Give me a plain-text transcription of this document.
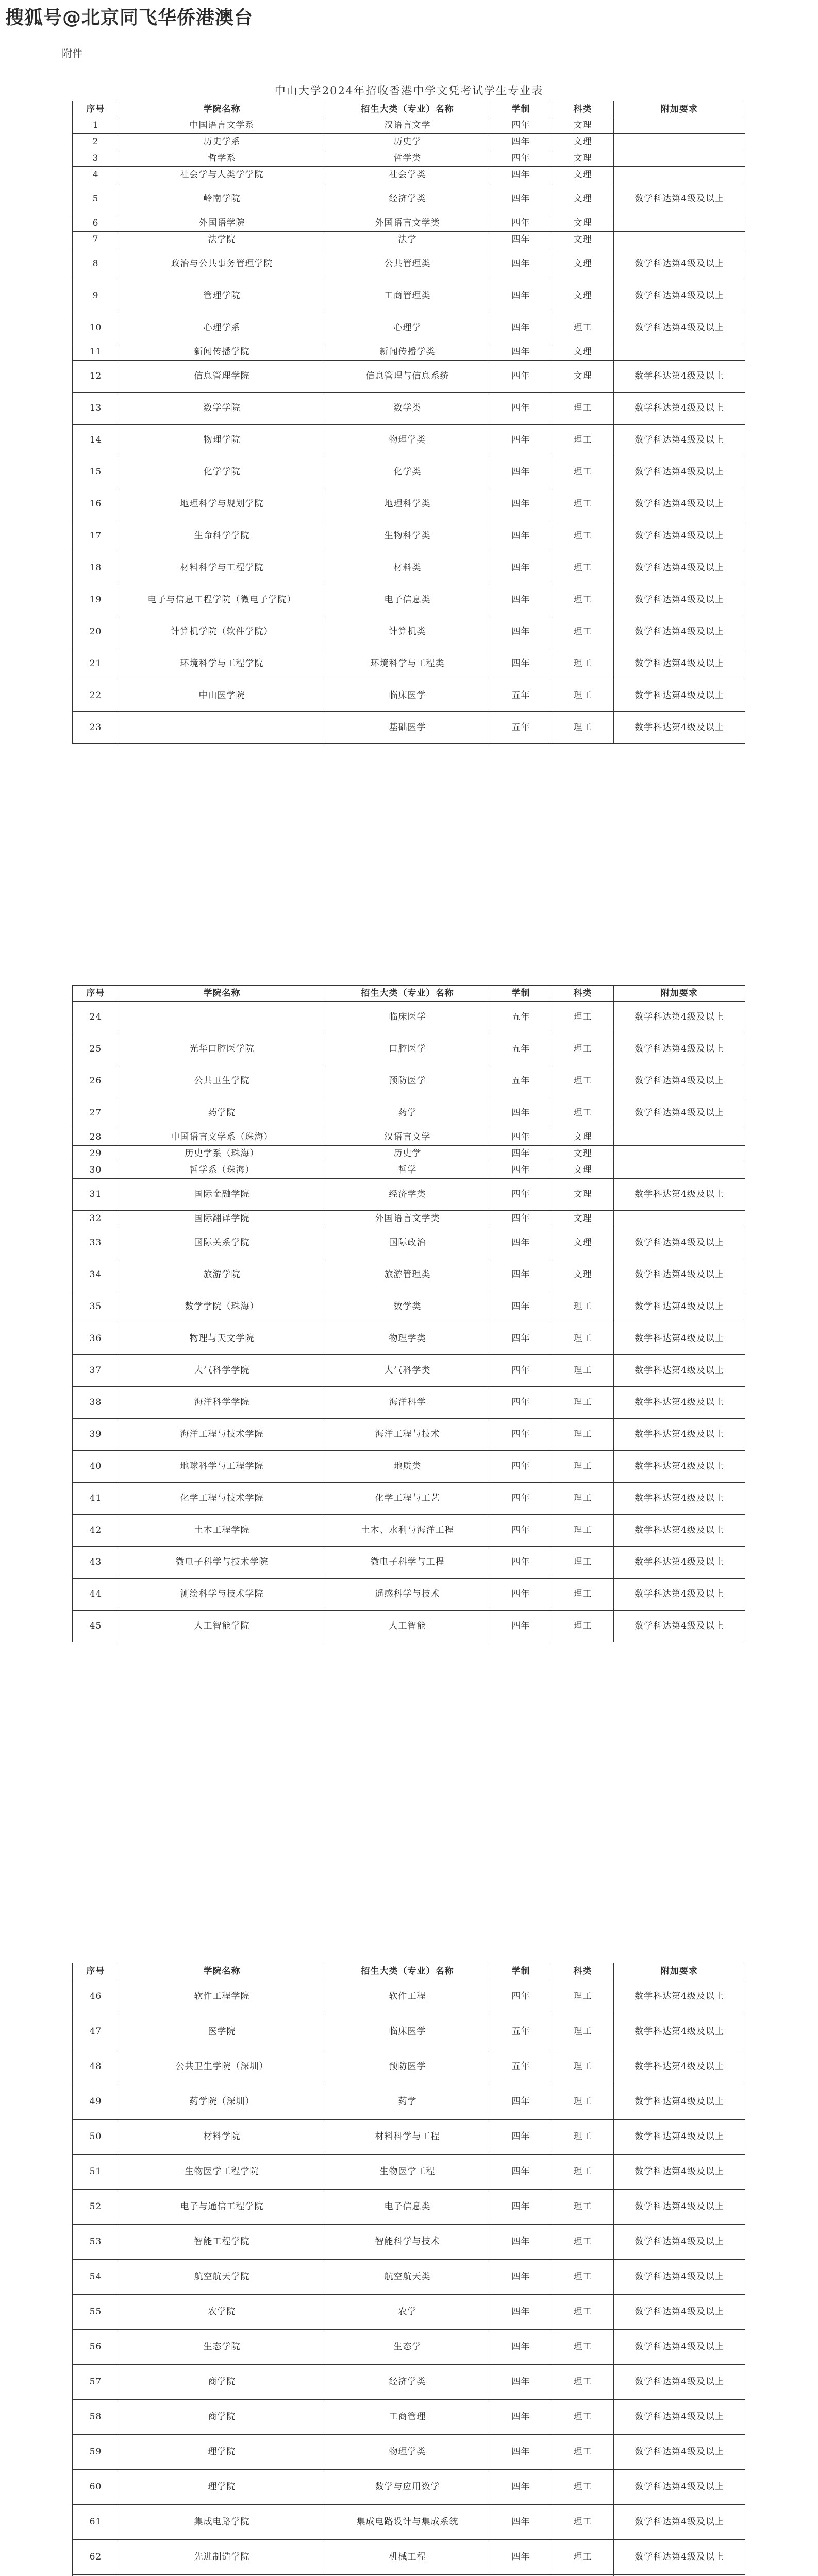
搜狐号@北京同飞华侨港澳台
附件
中山大学2024年招收香港中学文凭考试学生专业表
序号	学院名称	招生大类（专业）名称	学制	科类	附加要求
1	中国语言文学系	汉语言文学	四年	文理	
2	历史学系	历史学	四年	文理	
3	哲学系	哲学类	四年	文理	
4	社会学与人类学学院	社会学类	四年	文理	
5	岭南学院	经济学类	四年	文理	数学科达第4级及以上
6	外国语学院	外国语言文学类	四年	文理	
7	法学院	法学	四年	文理	
8	政治与公共事务管理学院	公共管理类	四年	文理	数学科达第4级及以上
9	管理学院	工商管理类	四年	文理	数学科达第4级及以上
10	心理学系	心理学	四年	理工	数学科达第4级及以上
11	新闻传播学院	新闻传播学类	四年	文理	
12	信息管理学院	信息管理与信息系统	四年	文理	数学科达第4级及以上
13	数学学院	数学类	四年	理工	数学科达第4级及以上
14	物理学院	物理学类	四年	理工	数学科达第4级及以上
15	化学学院	化学类	四年	理工	数学科达第4级及以上
16	地理科学与规划学院	地理科学类	四年	理工	数学科达第4级及以上
17	生命科学学院	生物科学类	四年	理工	数学科达第4级及以上
18	材料科学与工程学院	材料类	四年	理工	数学科达第4级及以上
19	电子与信息工程学院（微电子学院）	电子信息类	四年	理工	数学科达第4级及以上
20	计算机学院（软件学院）	计算机类	四年	理工	数学科达第4级及以上
21	环境科学与工程学院	环境科学与工程类	四年	理工	数学科达第4级及以上
22	中山医学院	临床医学	五年	理工	数学科达第4级及以上
23		基础医学	五年	理工	数学科达第4级及以上
序号	学院名称	招生大类（专业）名称	学制	科类	附加要求
24		临床医学	五年	理工	数学科达第4级及以上
25	光华口腔医学院	口腔医学	五年	理工	数学科达第4级及以上
26	公共卫生学院	预防医学	五年	理工	数学科达第4级及以上
27	药学院	药学	四年	理工	数学科达第4级及以上
28	中国语言文学系（珠海）	汉语言文学	四年	文理	
29	历史学系（珠海）	历史学	四年	文理	
30	哲学系（珠海）	哲学	四年	文理	
31	国际金融学院	经济学类	四年	文理	数学科达第4级及以上
32	国际翻译学院	外国语言文学类	四年	文理	
33	国际关系学院	国际政治	四年	文理	数学科达第4级及以上
34	旅游学院	旅游管理类	四年	文理	数学科达第4级及以上
35	数学学院（珠海）	数学类	四年	理工	数学科达第4级及以上
36	物理与天文学院	物理学类	四年	理工	数学科达第4级及以上
37	大气科学学院	大气科学类	四年	理工	数学科达第4级及以上
38	海洋科学学院	海洋科学	四年	理工	数学科达第4级及以上
39	海洋工程与技术学院	海洋工程与技术	四年	理工	数学科达第4级及以上
40	地球科学与工程学院	地质类	四年	理工	数学科达第4级及以上
41	化学工程与技术学院	化学工程与工艺	四年	理工	数学科达第4级及以上
42	土木工程学院	土木、水利与海洋工程	四年	理工	数学科达第4级及以上
43	微电子科学与技术学院	微电子科学与工程	四年	理工	数学科达第4级及以上
44	测绘科学与技术学院	遥感科学与技术	四年	理工	数学科达第4级及以上
45	人工智能学院	人工智能	四年	理工	数学科达第4级及以上
序号	学院名称	招生大类（专业）名称	学制	科类	附加要求
46	软件工程学院	软件工程	四年	理工	数学科达第4级及以上
47	医学院	临床医学	五年	理工	数学科达第4级及以上
48	公共卫生学院（深圳）	预防医学	五年	理工	数学科达第4级及以上
49	药学院（深圳）	药学	四年	理工	数学科达第4级及以上
50	材料学院	材料科学与工程	四年	理工	数学科达第4级及以上
51	生物医学工程学院	生物医学工程	四年	理工	数学科达第4级及以上
52	电子与通信工程学院	电子信息类	四年	理工	数学科达第4级及以上
53	智能工程学院	智能科学与技术	四年	理工	数学科达第4级及以上
54	航空航天学院	航空航天类	四年	理工	数学科达第4级及以上
55	农学院	农学	四年	理工	数学科达第4级及以上
56	生态学院	生态学	四年	理工	数学科达第4级及以上
57	商学院	经济学类	四年	理工	数学科达第4级及以上
58	商学院	工商管理	四年	理工	数学科达第4级及以上
59	理学院	物理学类	四年	理工	数学科达第4级及以上
60	理学院	数学与应用数学	四年	理工	数学科达第4级及以上
61	集成电路学院	集成电路设计与集成系统	四年	理工	数学科达第4级及以上
62	先进制造学院	机械工程	四年	理工	数学科达第4级及以上
